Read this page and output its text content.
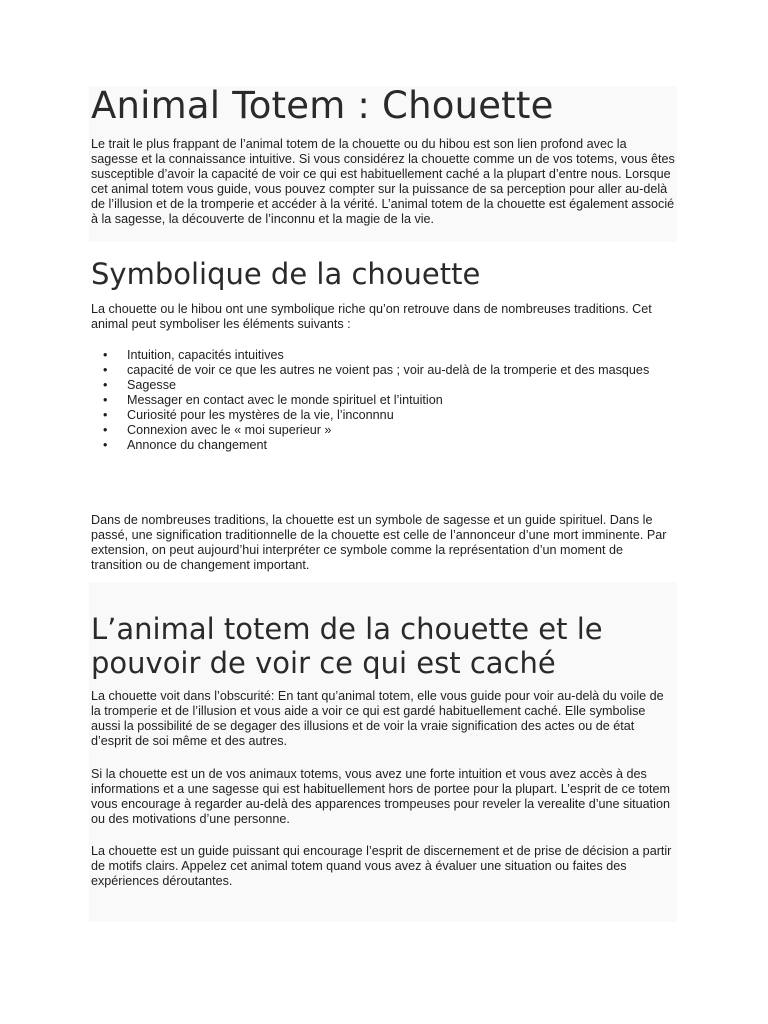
Animal Totem : Chouette

Le trait le plus frappant de l’animal totem de la chouette ou du hibou est son lien profond avec la sagesse et la connaissance intuitive. Si vous considérez la chouette comme un de vos totems, vous êtes susceptible d’avoir la capacité de voir ce qui est habituellement caché a la plupart d’entre nous. Lorsque cet animal totem vous guide, vous pouvez compter sur la puissance de sa perception pour aller au-delà de l’illusion et de la tromperie et accéder à la vérité. L’animal totem de la chouette est également associé à la sagesse, la découverte de l’inconnu et la magie de la vie.

Symbolique de la chouette

La chouette ou le hibou ont une symbolique riche qu’on retrouve dans de nombreuses traditions. Cet animal peut symboliser les éléments suivants :

• Intuition, capacités intuitives
• capacité de voir ce que les autres ne voient pas ; voir au-delà de la tromperie et des masques
• Sagesse
• Messager en contact avec le monde spirituel et l’intuition
• Curiosité pour les mystères de la vie, l’inconnnu
• Connexion avec le « moi superieur »
• Annonce du changement

Dans de nombreuses traditions, la chouette est un symbole de sagesse et un guide spirituel. Dans le passé, une signification traditionnelle de la chouette est celle de l’annonceur d’une mort imminente. Par extension, on peut aujourd’hui interpréter ce symbole comme la représentation d’un moment de transition ou de changement important.

L’animal totem de la chouette et le pouvoir de voir ce qui est caché

La chouette voit dans l’obscurité: En tant qu’animal totem, elle vous guide pour voir au-delà du voile de la tromperie et de l’illusion et vous aide a voir ce qui est gardé habituellement caché. Elle symbolise aussi la possibilité de se degager des illusions et de voir la vraie signification des actes ou de état d’esprit de soi même et des autres.

Si la chouette est un de vos animaux totems, vous avez une forte intuition et vous avez accès à des informations et a une sagesse qui est habituellement hors de portee pour la plupart. L’esprit de ce totem vous encourage à regarder au-delà des apparences trompeuses pour reveler la verealite d’une situation ou des motivations d’une personne.

La chouette est un guide puissant qui encourage l’esprit de discernement et de prise de décision a partir de motifs clairs. Appelez cet animal totem quand vous avez à évaluer une situation ou faites des expériences déroutantes.
